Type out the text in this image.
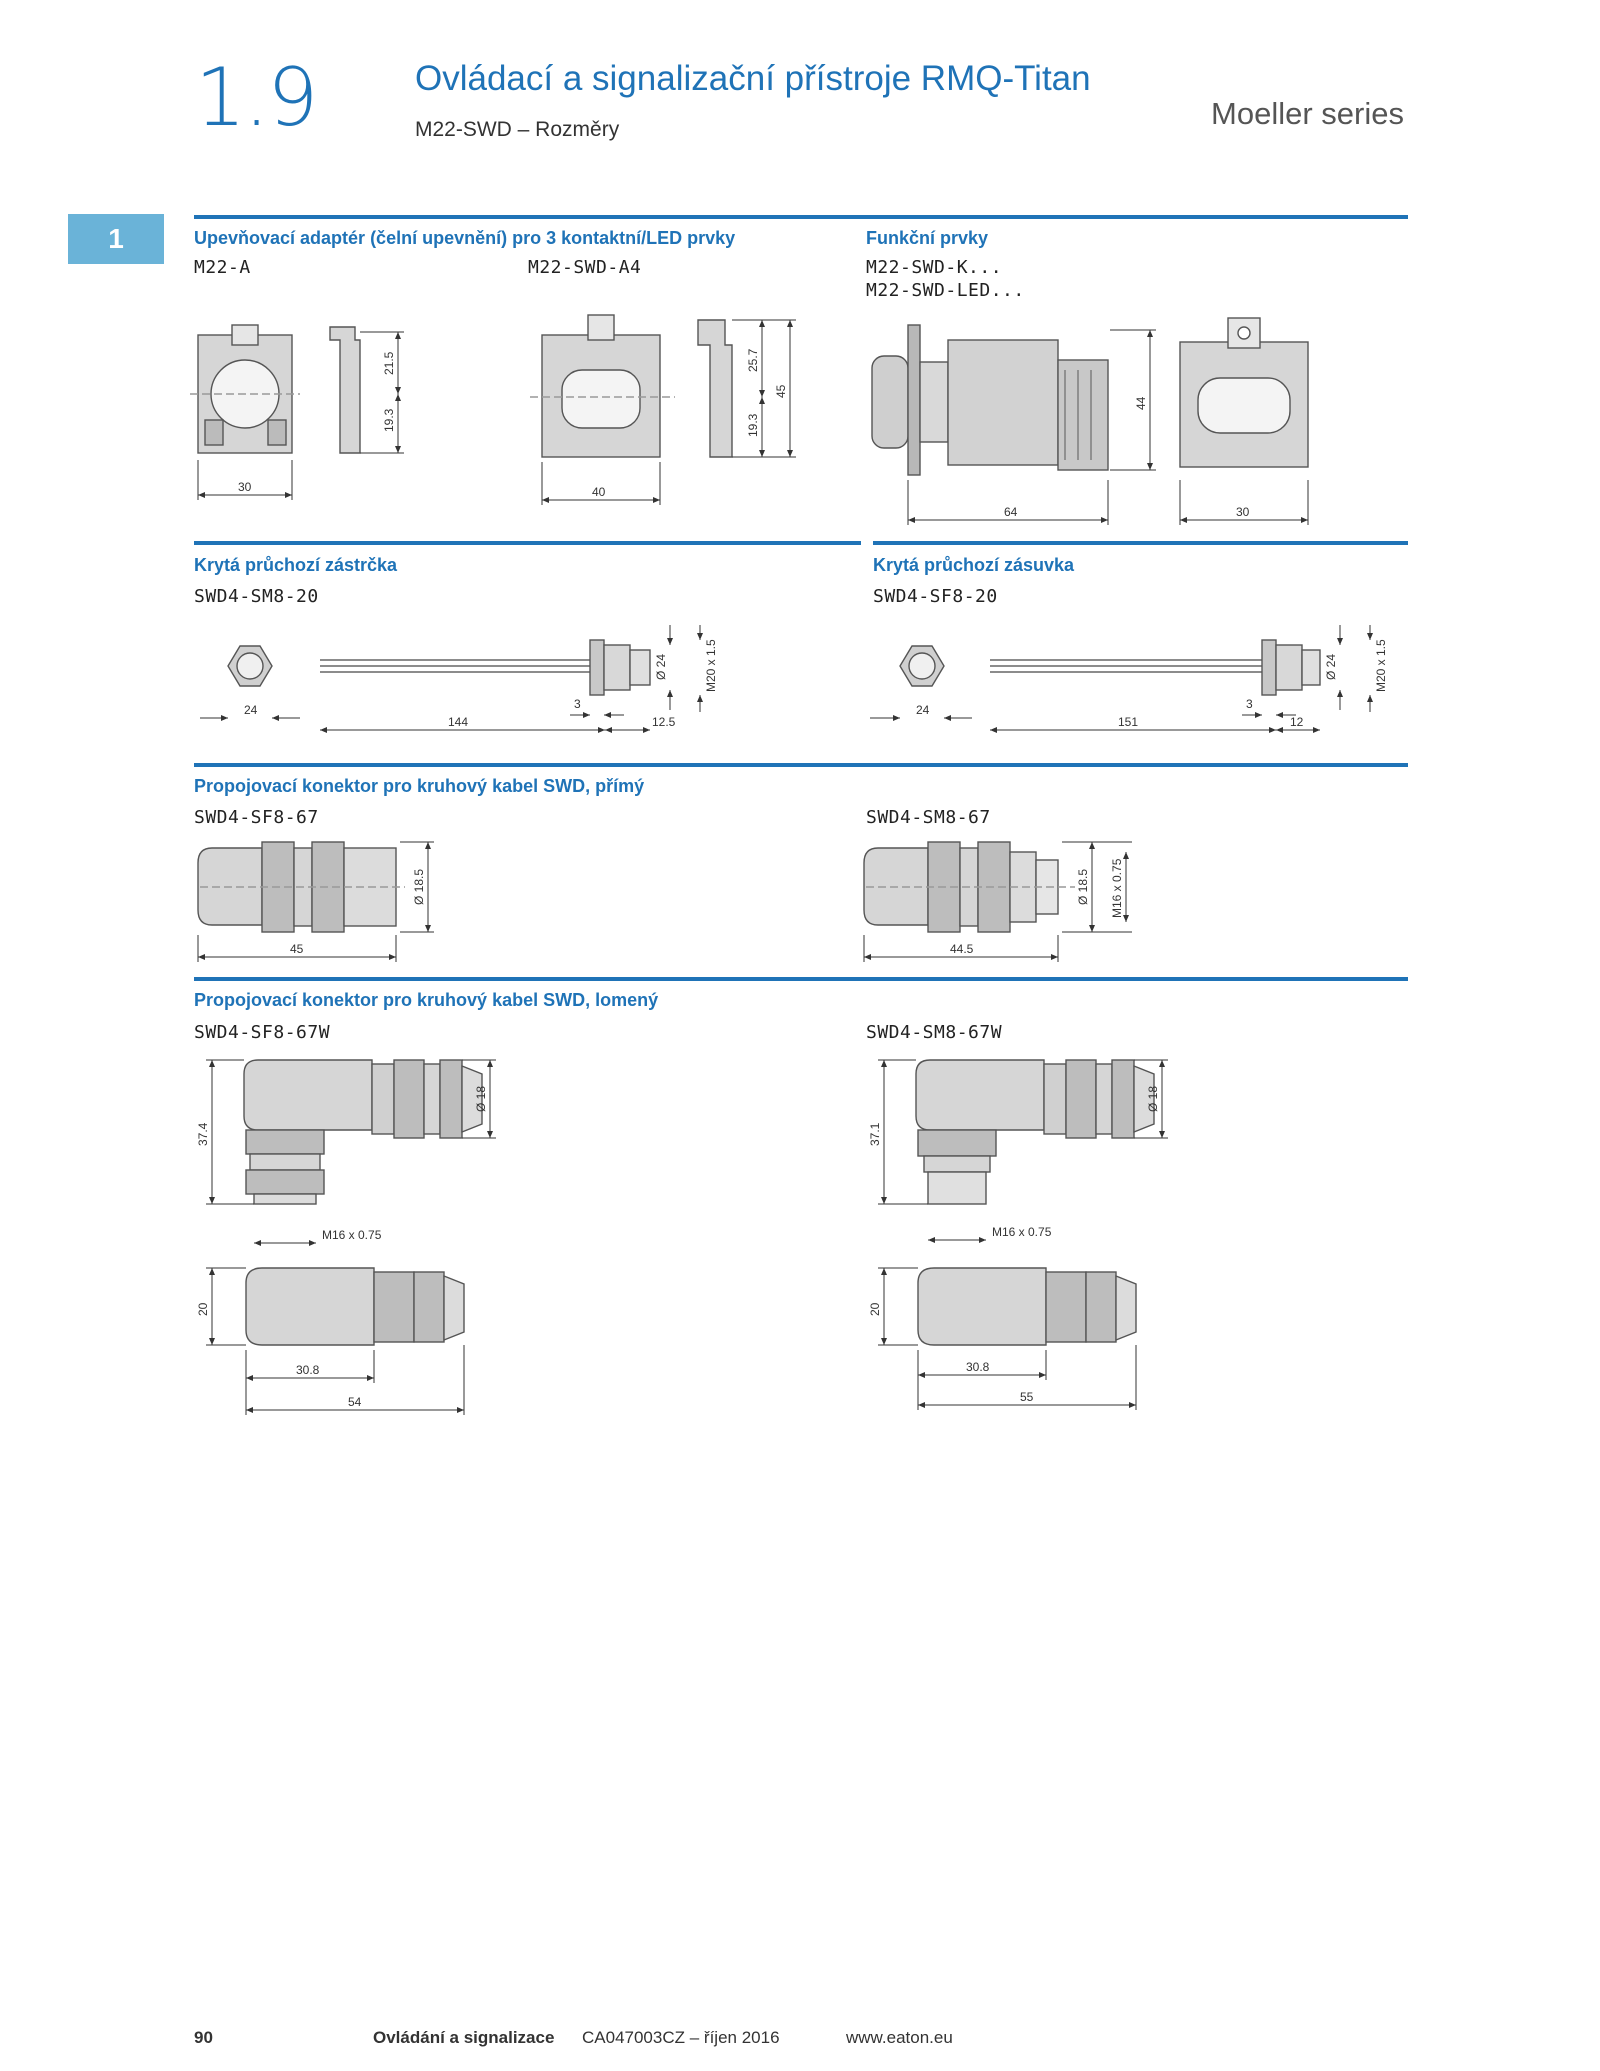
1.9	Ovládací a signalizační přístroje RMQ-Titan
M22-SWD – Rozměry	Moeller series
1	Upevňovací adaptér (čelní upevnění) pro 3 kontaktní/LED prvky
M22-A	M22-SWD-A4
Funkční prvky
M22-SWD-K...
M22-SWD-LED...
Krytá průchozí zástrčka
SWD4-SM8-20
Krytá průchozí zásuvka
SWD4-SF8-20
Propojovací konektor pro kruhový kabel SWD, přímý
SWD4-SF8-67	SWD4-SM8-67
Propojovací konektor pro kruhový kabel SWD, lomený
SWD4-SF8-67W	SWD4-SM8-67W
30
21.5
19.3
40
25.7
19.3
45
64
44
30
24
144
3
12.5
Ø 24	M20 x 1.5
24
151
3
12
Ø 24	M20 x 1.5
45
Ø 18.5
44.5
Ø 18.5 M16 x 0.75
37.4
Ø 18
M16 x 0.75
20
30.8
54
37.1
Ø 18
M16 x 0.75
20
30.8
55
90	Ovládání a signalizace CA047003CZ – říjen 2016	www.eaton.eu
